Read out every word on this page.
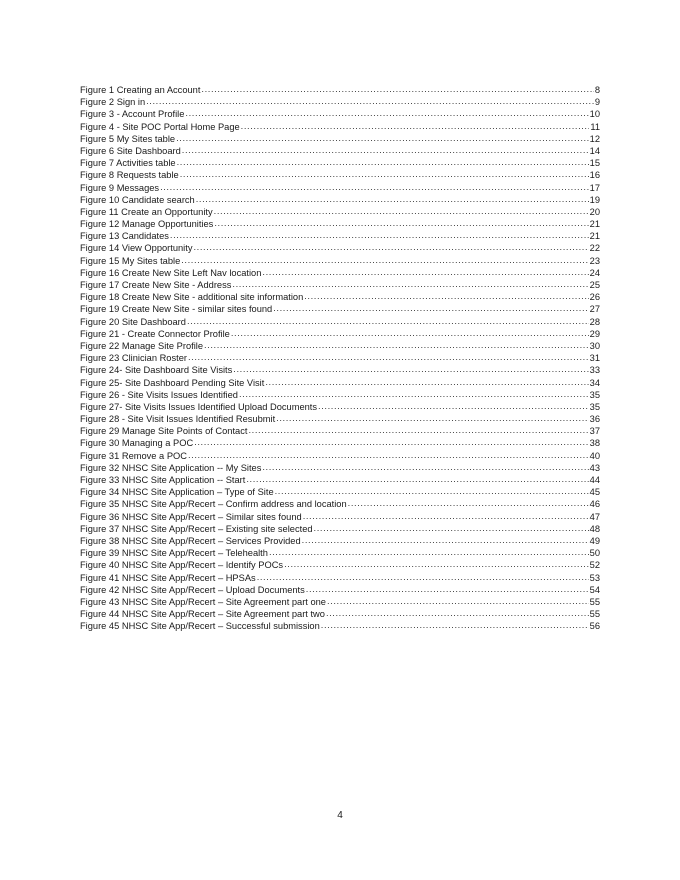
Figure 1 Creating an Account .....	8
Figure 2 Sign in .....	9
Figure 3 - Account Profile .....	10
Figure 4 - Site POC Portal Home Page .....	11
Figure 5 My Sites table .....	12
Figure 6 Site Dashboard .....	14
Figure 7 Activities table .....	15
Figure 8 Requests table .....	16
Figure 9 Messages .....	17
Figure 10 Candidate search .....	19
Figure 11 Create an Opportunity .....	20
Figure 12 Manage Opportunities .....	21
Figure 13 Candidates .....	21
Figure 14 View Opportunity .....	22
Figure 15 My Sites table .....	23
Figure 16 Create New Site Left Nav location .....	24
Figure 17 Create New Site - Address .....	25
Figure 18 Create New Site - additional site information .....	26
Figure 19 Create New Site - similar sites found .....	27
Figure 20 Site Dashboard .....	28
Figure 21 - Create Connector Profile .....	29
Figure 22 Manage Site Profile .....	30
Figure 23 Clinician Roster .....	31
Figure 24- Site Dashboard Site Visits .....	33
Figure 25- Site Dashboard Pending Site Visit .....	34
Figure 26 - Site Visits Issues Identified .....	35
Figure 27- Site Visits Issues Identified Upload Documents .....	35
Figure 28 - Site Visit Issues Identified Resubmit .....	36
Figure 29 Manage Site Points of Contact .....	37
Figure 30 Managing a POC .....	38
Figure 31 Remove a POC .....	40
Figure 32 NHSC Site Application -- My Sites .....	43
Figure 33 NHSC Site Application -- Start .....	44
Figure 34 NHSC Site Application – Type of Site .....	45
Figure 35 NHSC Site App/Recert – Confirm address and location .....	46
Figure 36 NHSC Site App/Recert – Similar sites found .....	47
Figure 37 NHSC Site App/Recert – Existing site selected .....	48
Figure 38 NHSC Site App/Recert – Services Provided .....	49
Figure 39 NHSC Site App/Recert – Telehealth .....	50
Figure 40 NHSC Site App/Recert – Identify POCs .....	52
Figure 41 NHSC Site App/Recert – HPSAs .....	53
Figure 42 NHSC Site App/Recert – Upload Documents .....	54
Figure 43 NHSC Site App/Recert – Site Agreement part one .....	55
Figure 44 NHSC Site App/Recert – Site Agreement part two .....	55
Figure 45 NHSC Site App/Recert – Successful submission .....	56
4
